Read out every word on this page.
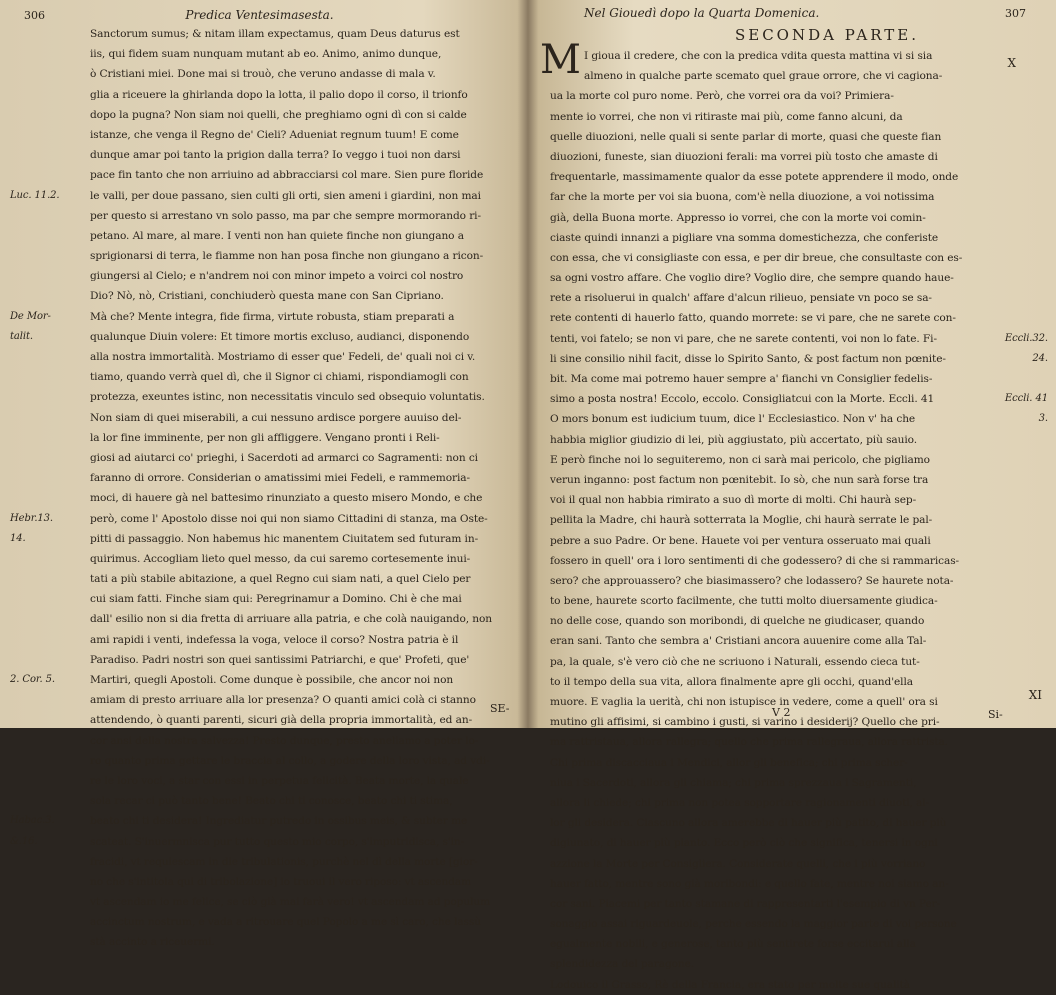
306	Predica Ventesimasesta.
Sanctorum sumus; & nitam illam expectamus, quam Deus daturus est
iis, qui fidem suam nunquam mutant ab eo. Animo, animo dunque,
ò Cristiani miei. Done mai si trouò, che veruno andasse di mala v.
glia a riceuere la ghirlanda dopo la lotta, il palio dopo il corso, il trionfo
dopo la pugna? Non siam noi quelli, che preghiamo ogni dì con si calde
istanze, che venga il Regno de' Cieli? Adueniat regnum tuum! E come
dunque amar poi tanto la prigion dalla terra? Io veggo i tuoi non darsi
pace fin tanto che non arriuino ad abbracciarsi col mare. Sien pure floride
le valli, per doue passano, sien culti gli orti, sien ameni i giardini, non mai
Luc. 11.2.
per questo si arrestano vn solo passo, ma par che sempre mormorando ri-
petano. Al mare, al mare. I venti non han quiete finche non giungano a
sprigionarsi di terra, le fiamme non han posa finche non giungano a ricon-
giungersi al Cielo; e n'andrem noi con minor impeto a voirci col nostro
Dio? Nò, nò, Cristiani, conchiuderò questa mane con San Cipriano.
Mà che? Mente integra, fide firma, virtute robusta, stiam preparati a
De Mor-
qualunque Diuin volere: Et timore mortis excluso, audianci, disponendo
talit.
alla nostra immortalità. Mostriamo di esser que' Fedeli, de' quali noi ci v.
tiamo, quando verrà quel dì, che il Signor ci chiami, rispondiamogli con
protezza, exeuntes istinc, non necessitatis vinculo sed obsequio voluntatis.
Non siam di quei miserabili, a cui nessuno ardisce porgere auuiso del-
la lor fine imminente, per non gli affliggere. Vengano pronti i Reli-
giosi ad aiutarci co' prieghi, i Sacerdoti ad armarci co Sagramenti: non ci
faranno di orrore. Considerian o amatissimi miei Fedeli, e rammemoria-
moci, di hauere gà nel battesimo rinunziato a questo misero Mondo, e che
però, come l' Apostolo disse noi qui non siamo Cittadini di stanza, ma Oste-
Hebr.13.
pitti di passaggio. Non habemus hic manentem Ciuitatem sed futuram in-
14.
quirimus. Accogliam lieto quel messo, da cui saremo cortesemente inui-
tati a più stabile abitazione, a quel Regno cui siam nati, a quel Cielo per
cui siam fatti. Finche siam qui: Peregrinamur a Domino. Chi è che mai
dall' esilio non si dia fretta di arriuare alla patria, e che colà nauigando, non
ami rapidi i venti, indefessa la voga, veloce il corso? Nostra patria è il
Paradiso. Padri nostri son quei santissimi Patriarchi, e que' Profeti, que'
Martiri, quegli Apostoli. Come dunque è possibile, che ancor noi non
2. Cor. 5.
amiam di presto arriuare alla lor presenza? O quanti amici colà ci stanno
attendendo, ò quanti parenti, sicuri già della propria immortalità, ed an-
cor ansi della nostra salvezza! Presto dunque, presto aneliamo a poter lo-
ro quanto prima gettare le braccia al collo, a godere della loro vista, ad vdi-
re le loro voci, a star con essi in perpetua felicità. Beata morte, la quale
sola recar ci può tanto bene! Beato chi ti conosce, beato chi ti stima,
beato chi ti desidera! Ingrediatur putredo in ossibus meis, & subter me
Habac.3.
scateat. S'inuermnisca pur tutto questo mio corpo, s'imputridisca, s'in-
&.16.
fracidi, vt requiescam in die tribulationis, purchè nel dì della morte [gior-
no che s'intitola qui di tribolazione] io truoui il vero riposo: vt ascendam
vt ascendam io me felice, se ciò già mai farà vero! vt ascendam ad populum
accinctum nostrum, e vada a ritrouare quel Popolo a me sì caro, che lassù
stà accinto a riceuermi.
SE-
Nel Giouedì dopo la Quarta Domenica.	307
SECONDA PARTE.
M	X
I gioua il credere, che con la predica vdita questa mattina vi si sia
almeno in qualche parte scemato quel graue orrore, che vi cagiona-
ua la morte col puro nome. Però, che vorrei ora da voi? Primiera-
mente io vorrei, che non vi ritiraste mai più, come fanno alcuni, da
quelle diuozioni, nelle quali si sente parlar di morte, quasi che queste fian
diuozioni, funeste, sian diuozioni ferali: ma vorrei più tosto che amaste di
frequentarle, massimamente qualor da esse potete apprendere il modo, onde
far che la morte per voi sia buona, com'è nella diuozione, a voi notissima
già, della Buona morte. Appresso io vorrei, che con la morte voi comin-
ciaste quindi innanzi a pigliare vna somma domestichezza, che conferiste
con essa, che vi consigliaste con essa, e per dir breue, che consultaste con es-
sa ogni vostro affare. Che voglio dire? Voglio dire, che sempre quando haue-
rete a risoluerui in qualch' affare d'alcun rilieuo, pensiate vn poco se sa-
rete contenti di hauerlo fatto, quando morrete: se vi pare, che ne sarete con-
tenti, voi fatelo; se non vi pare, che ne sarete contenti, voi non lo fate. Fi-	Eccli.32.
li sine consilio nihil facit, disse lo Spirito Santo, & post factum non pœnite-	24.
bit. Ma come mai potremo hauer sempre a' fianchi vn Consiglier fedelis-
simo a posta nostra! Eccolo, eccolo. Consigliatcui con la Morte. Eccli. 41	Eccli. 41
O mors bonum est iudicium tuum, dice l' Ecclesiastico. Non v' ha che	3.
habbia miglior giudizio di lei, più aggiustato, più accertato, più sauio.
E però finche noi lo seguiteremo, non ci sarà mai pericolo, che pigliamo
verun inganno: post factum non pœnitebit. Io sò, che nun sarà forse tra
voi il qual non habbia rimirato a suo dì morte di molti. Chi haurà sep-
pellita la Madre, chi haurà sotterrata la Moglie, chi haurà serrate le pal-
pebre a suo Padre. Or bene. Hauete voi per ventura osseruato mai quali
fossero in quell' ora i loro sentimenti di che godessero? di che si rammaricas-
sero? che approuassero? che biasimassero? che lodassero? Se haurete nota-
to bene, haurete scorto facilmente, che tutti molto diuersamente giudica-
no delle cose, quando son moribondi, di quelche ne giudicaser, quando
eran sani. Tanto che sembra a' Cristiani ancora auuenire come alla Tal-
pa, la quale, s'è vero ciò che ne scriuono i Naturali, essendo cieca tut-
to il tempo della sua vita, allora finalmente apre gli occhi, quand'ella
muore. E vaglia la uerità, chi non istupisce in vedere, come a quell' ora si
mutino gli affisimi, si cambino i gusti, si varino i desiderij? Quello che pri-
ma rattristaua, allora rallegra; quello che prima rallegraua, allora rattrista.
Chi prima discacciaua i Mendici, allor gli benefica; chi prima scher-
niua i Sacerdoti, allora gli chiama; chi prima sprezzaua i Sagramenti,
allora li chiede; chi prima non potea sopportare ragionamenti diuoti, al-
lor gli desidera. Ciascuno allora amerebbe di hauer più patito, di hauer più
digiunato, di hauer più pianto. Ecco però ciò che significa, tenersi in ogni
azzione la Morte per Consigliera. Considerate quelli, che i più vorriano
hauer fatto, mentre sono già moribondi: e quello fate, mentre noi siamo an-
cor sani. Piacemi per tanto stamane di rappresentarti l'esempio di vn Per-
sonaggio assai riguardeuole, perche essendo la maggior parte di voi persone
egualmente nobili, e generose, tanto più sentirete forse eccitarui alla
splendidezza del paragone.
Lodouico il Grasso, Rè della Francia, era stato per molte sue qualità
XI
V 2	Si-
